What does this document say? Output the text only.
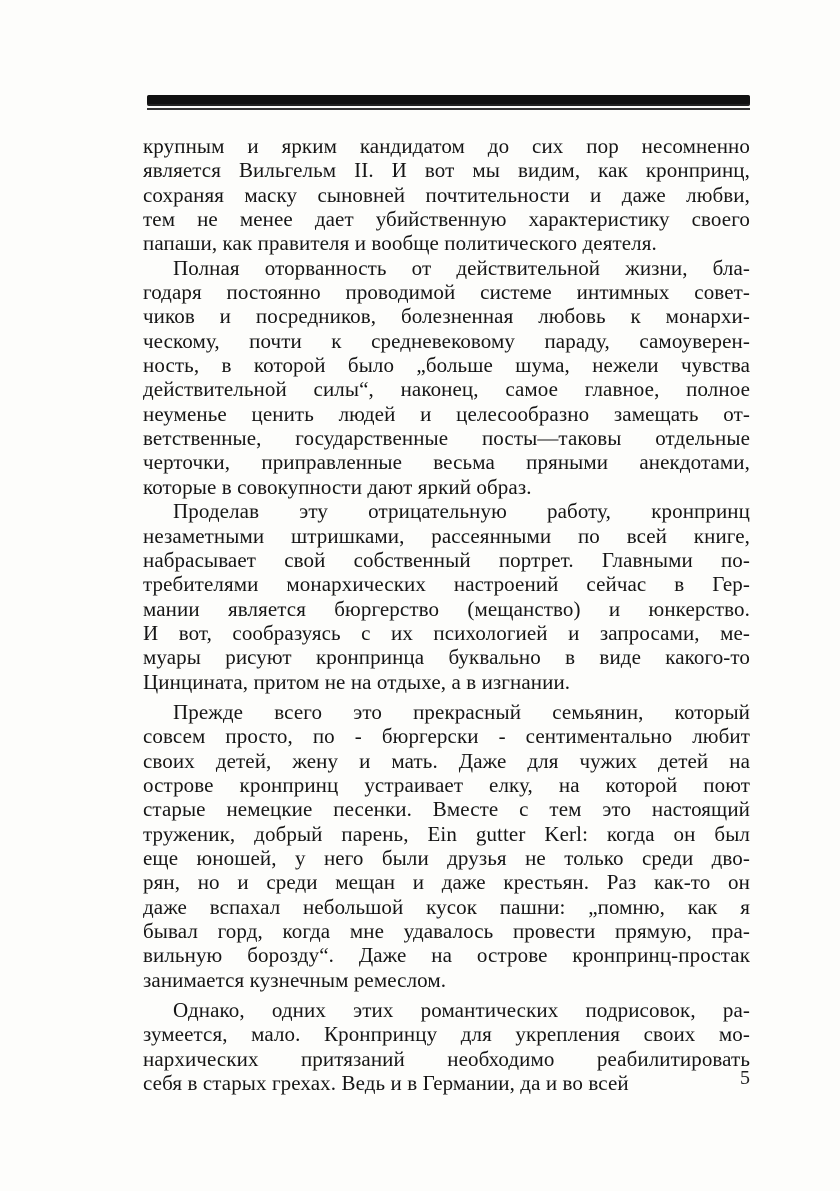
крупным и ярким кандидатом до сих пор несомненно
является Вильгельм II. И вот мы видим, как кронпринц,
сохраняя маску сыновней почтительности и даже любви,
тем не менее дает убийственную характеристику своего
папаши, как правителя и вообще политического деятеля.
Полная оторванность от действительной жизни, бла-
годаря постоянно проводимой системе интимных совет-
чиков и посредников, болезненная любовь к монархи-
ческому, почти к средневековому параду, самоуверен-
ность, в которой было „больше шума, нежели чувства
действительной силы“, наконец, самое главное, полное
неуменье ценить людей и целесообразно замещать от-
ветственные, государственные посты—таковы отдельные
черточки, приправленные весьма пряными анекдотами,
которые в совокупности дают яркий образ.
Проделав эту отрицательную работу, кронпринц
незаметными штришками, рассеянными по всей книге,
набрасывает свой собственный портрет. Главными по-
требителями монархических настроений сейчас в Гер-
мании является бюргерство (мещанство) и юнкерство.
И вот, сообразуясь с их психологией и запросами, ме-
муары рисуют кронпринца буквально в виде какого-то
Цинцината, притом не на отдыхе, а в изгнании.
Прежде всего это прекрасный семьянин, который
совсем просто, по - бюргерски - сентиментально любит
своих детей, жену и мать. Даже для чужих детей на
острове кронпринц устраивает елку, на которой поют
старые немецкие песенки. Вместе с тем это настоящий
труженик, добрый парень, Ein gutter Kerl: когда он был
еще юношей, у него были друзья не только среди дво-
рян, но и среди мещан и даже крестьян. Раз как-то он
даже вспахал небольшой кусок пашни: „помню, как я
бывал горд, когда мне удавалось провести прямую, пра-
вильную борозду“. Даже на острове кронпринц-простак
занимается кузнечным ремеслом.
Однако, одних этих романтических подрисовок, ра-
зумеется, мало. Кронпринцу для укрепления своих мо-
нархических притязаний необходимо реабилитировать
себя в старых грехах. Ведь и в Германии, да и во всей	5
